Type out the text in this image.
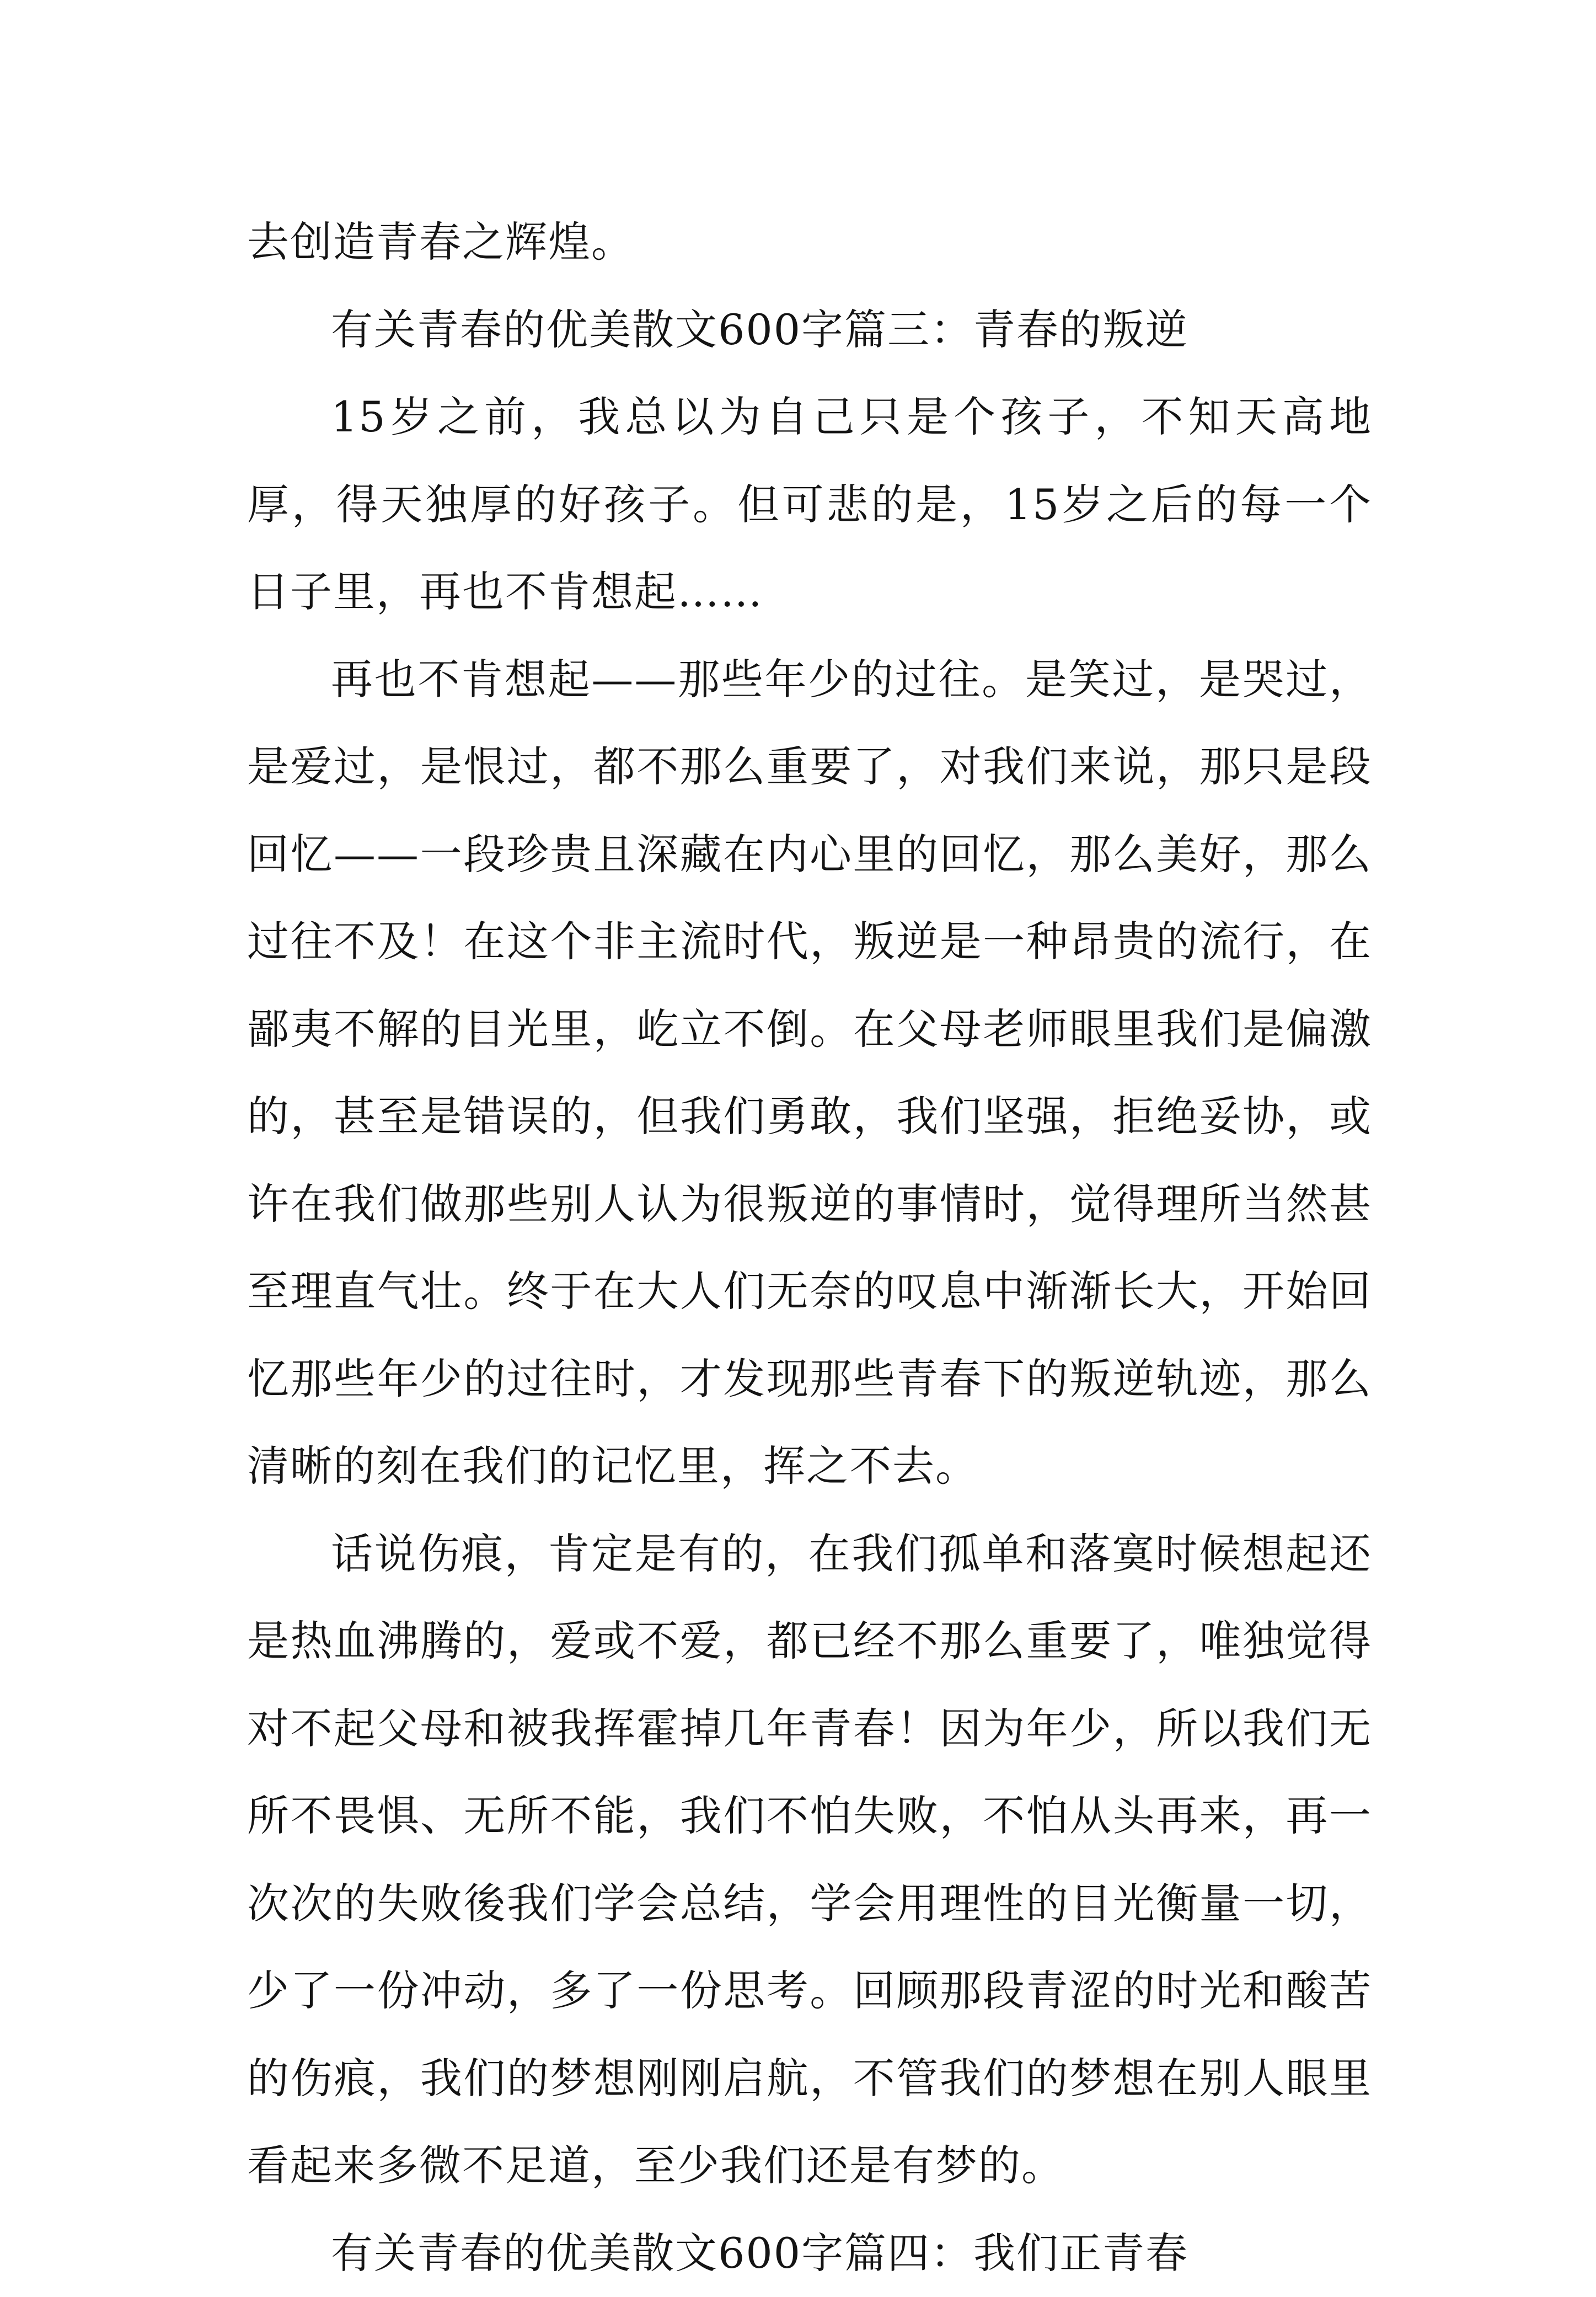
去创造青春之辉煌。

有关青春的优美散文600字篇三：青春的叛逆

15岁之前，我总以为自己只是个孩子，不知天高地厚，得天独厚的好孩子。但可悲的是，15岁之后的每一个日子里，再也不肯想起……

再也不肯想起——那些年少的过往。是笑过，是哭过，是爱过，是恨过，都不那么重要了，对我们来说，那只是段回忆——一段珍贵且深藏在内心里的回忆，那么美好，那么过往不及！在这个非主流时代，叛逆是一种昂贵的流行，在鄙夷不解的目光里，屹立不倒。在父母老师眼里我们是偏激的，甚至是错误的，但我们勇敢，我们坚强，拒绝妥协，或许在我们做那些别人认为很叛逆的事情时，觉得理所当然甚至理直气壮。终于在大人们无奈的叹息中渐渐长大，开始回忆那些年少的过往时，才发现那些青春下的叛逆轨迹，那么清晰的刻在我们的记忆里，挥之不去。

话说伤痕，肯定是有的，在我们孤单和落寞时候想起还是热血沸腾的，爱或不爱，都已经不那么重要了，唯独觉得对不起父母和被我挥霍掉几年青春！因为年少，所以我们无所不畏惧、无所不能，我们不怕失败，不怕从头再来，再一次次的失败後我们学会总结，学会用理性的目光衡量一切，少了一份冲动，多了一份思考。回顾那段青涩的时光和酸苦的伤痕，我们的梦想刚刚启航，不管我们的梦想在别人眼里看起来多微不足道，至少我们还是有梦的。

有关青春的优美散文600字篇四：我们正青春
